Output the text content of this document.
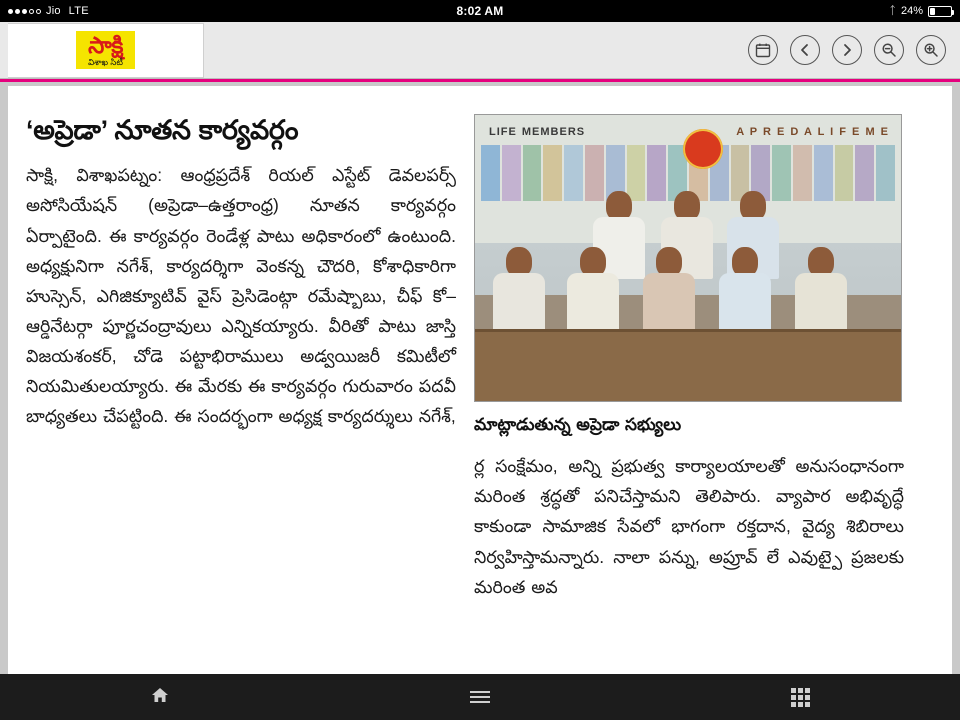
Jio LTE	8:02 AM	ᛏ 24%
సాక్షి
విశాఖ సిటీ
‘అప్రెడా’ నూతన కార్యవర్గం

సాక్షి, విశాఖపట్నం: ఆంధ్రప్రదేశ్ రియల్ ఎస్టేట్ డెవలపర్స్ అసోసియేషన్ (అప్రెడా–ఉత్తరాంధ్ర) నూతన కార్యవర్గం ఏర్పాటైంది. ఈ కార్యవర్గం రెండేళ్ల పాటు అధికారంలో ఉంటుంది. అధ్యక్షునిగా నగేశ్, కార్యదర్శిగా వెంకన్న చౌదరి, కోశాధికారిగా హుస్సెన్, ఎగిజిక్యూటివ్ వైస్ ప్రెసిడెంట్గా రమేష్బాబు, చీఫ్ కో–ఆర్డినేటర్గా పూర్ణచంద్రావులు ఎన్నికయ్యారు. వీరితో పాటు జాస్తి విజయశంకర్, చోడె పట్టాభిరాములు అడ్వయిజరీ కమిటీలో నియమితులయ్యారు. ఈ మేరకు ఈ కార్యవర్గం గురువారం పదవీ బాధ్యతలు చేపట్టింది. ఈ సందర్భంగా అధ్యక్ష కార్యదర్శులు నగేశ్,

LIFE MEMBERS	A P R E D A L I F E M E
మాట్లాడుతున్న అప్రెడా సభ్యులు

ర్ల సంక్షేమం, అన్ని ప్రభుత్వ కార్యాలయాలతో అనుసంధానంగా మరింత శ్రద్ధతో పనిచేస్తామని తెలిపారు. వ్యాపార అభివృద్ధే కాకుండా సామాజిక సేవలో భాగంగా రక్తదాన, వైద్య శిబిరాలు నిర్వహిస్తామన్నారు. నాలా పన్ను, అప్రూవ్ లే ఎవుట్పై ప్రజలకు మరింత అవ
